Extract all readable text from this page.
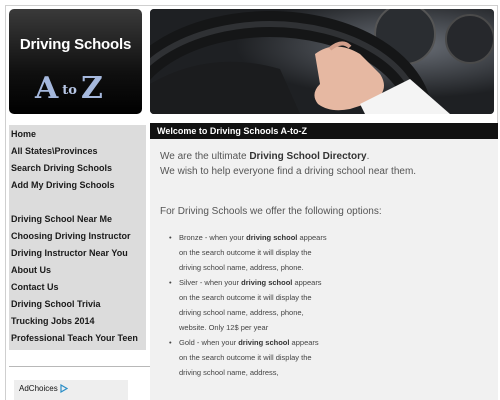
Driving Schools
A to Z
Home
All States\Provinces
Search Driving Schools
Add My Driving Schools
Driving School Near Me
Choosing Driving Instructor
Driving Instructor Near You
About Us
Contact Us
Driving School Trivia
Trucking Jobs 2014
Professional Teach Your Teen
AdChoices
Welcome to Driving Schools A-to-Z
We are the ultimate Driving School Directory.
We wish to help everyone find a driving school near them.
For Driving Schools we offer the following options:
• Bronze - when your driving school appears on the search outcome it will display the driving school name, address, phone.
• Silver - when your driving school appears on the search outcome it will display the driving school name, address, phone, website. Only 12$ per year
• Gold - when your driving school appears on the search outcome it will display the driving school name, address,
